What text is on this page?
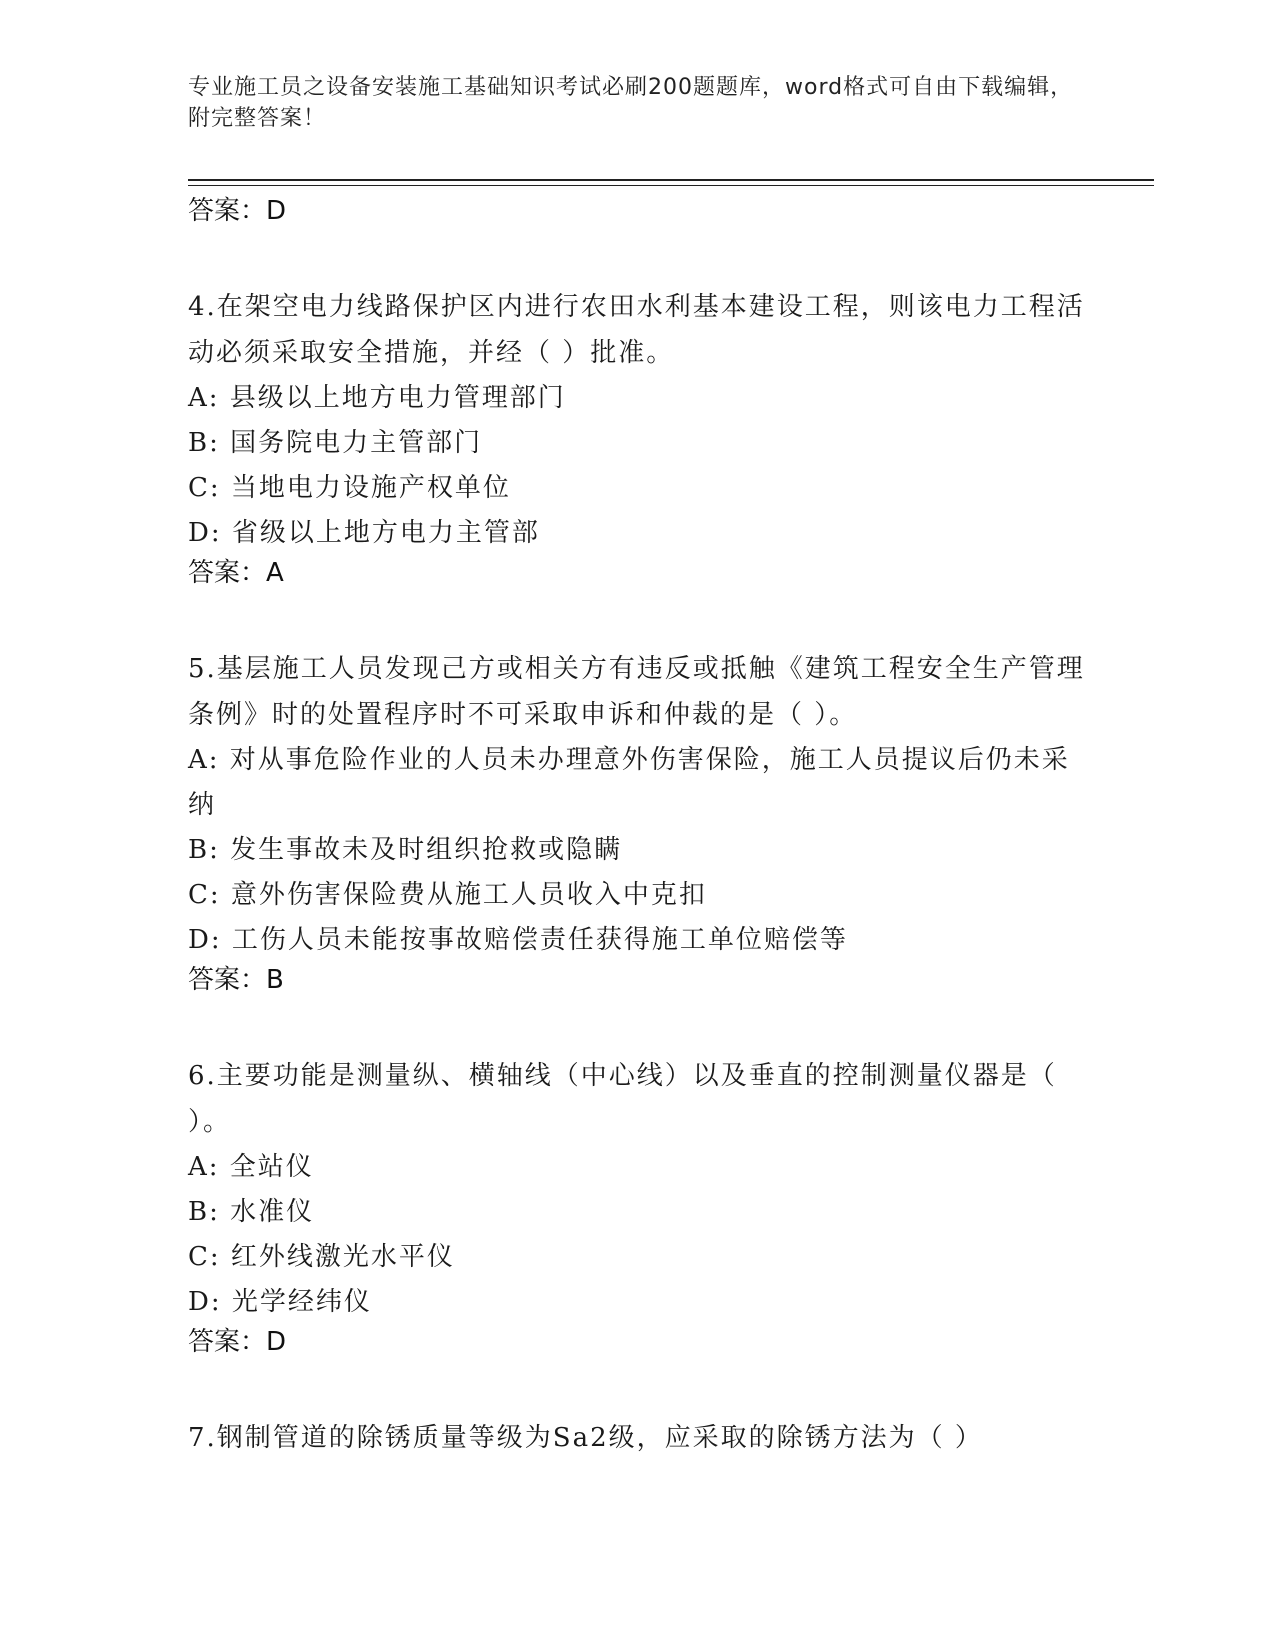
专业施工员之设备安装施工基础知识考试必刷200题题库，word格式可自由下载编辑，附完整答案！
答案：D
4.在架空电力线路保护区内进行农田水利基本建设工程，则该电力工程活动必须采取安全措施，并经（ ）批准。
A: 县级以上地方电力管理部门
B: 国务院电力主管部门
C: 当地电力设施产权单位
D: 省级以上地方电力主管部
答案：A
5.基层施工人员发现己方或相关方有违反或抵触《建筑工程安全生产管理条例》时的处置程序时不可采取申诉和仲裁的是（ ）。
A: 对从事危险作业的人员未办理意外伤害保险，施工人员提议后仍未采纳
B: 发生事故未及时组织抢救或隐瞒
C: 意外伤害保险费从施工人员收入中克扣
D: 工伤人员未能按事故赔偿责任获得施工单位赔偿等
答案：B
6.主要功能是测量纵、横轴线（中心线）以及垂直的控制测量仪器是（ ）。
A: 全站仪
B: 水准仪
C: 红外线激光水平仪
D: 光学经纬仪
答案：D
7.钢制管道的除锈质量等级为Sa2级，应采取的除锈方法为（ ）
